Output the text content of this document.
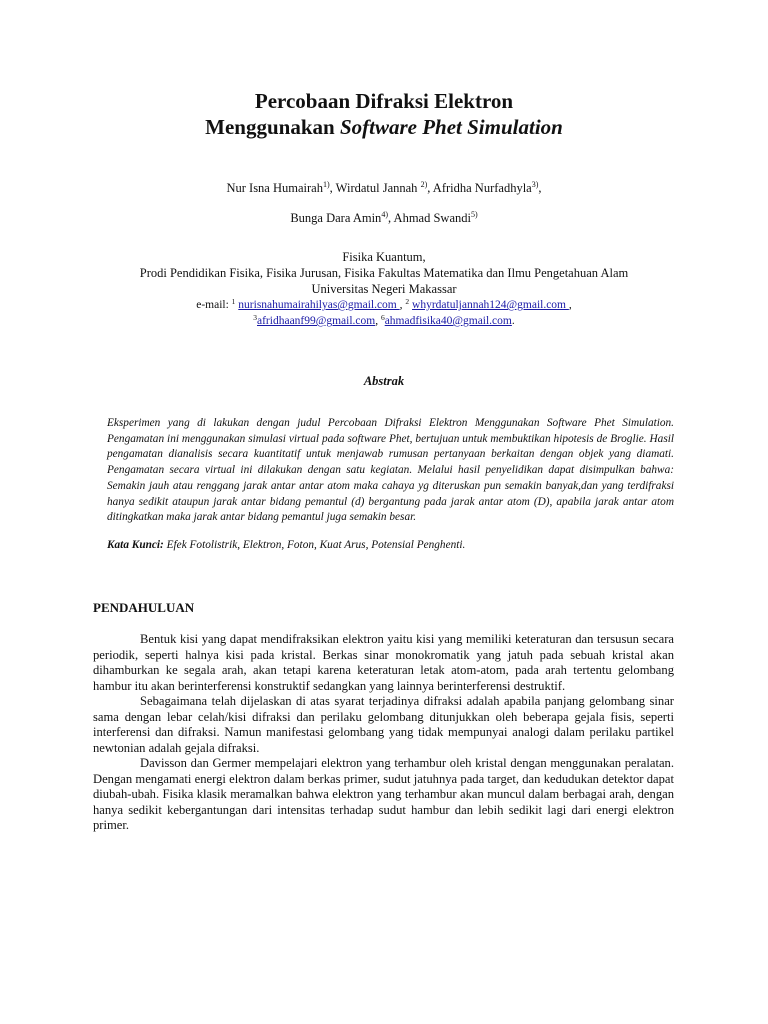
Percobaan Difraksi Elektron
Menggunakan Software Phet Simulation
Nur Isna Humairah$^{1)}$, Wirdatul Jannah $^{2)}$, Afridha Nurfadhyla$^{3)}$,
Bunga Dara Amin$^{4)}$, Ahmad Swandi$^{5)}$
Fisika Kuantum,
Prodi Pendidikan Fisika, Fisika Jurusan, Fisika Fakultas Matematika dan Ilmu Pengetahuan Alam
Universitas Negeri Makassar
e-mail: $^1$ nurisnahumairahilyas@gmail.com , $^2$ whyrdatuljannah124@gmail.com ,
$^3$afridhaanf99@gmail.com, $^6$ahmadfisika40@gmail.com.
Abstrak
Eksperimen yang di lakukan dengan judul Percobaan Difraksi Elektron Menggunakan Software Phet Simulation. Pengamatan ini menggunakan simulasi virtual pada software Phet, bertujuan untuk membuktikan hipotesis de Broglie. Hasil pengamatan dianalisis secara kuantitatif untuk menjawab rumusan pertanyaan berkaitan dengan objek yang diamati. Pengamatan secara virtual ini dilakukan dengan satu kegiatan. Melalui hasil penyelidikan dapat disimpulkan bahwa: Semakin jauh atau renggang jarak antar antar atom maka cahaya yg diteruskan pun semakin banyak,dan yang terdifraksi hanya sedikit ataupun jarak antar bidang pemantul (d) bergantung pada jarak antar atom (D), apabila jarak antar atom ditingkatkan maka jarak antar bidang pemantul juga semakin besar.
Kata Kunci: Efek Fotolistrik, Elektron, Foton, Kuat Arus, Potensial Penghenti.
PENDAHULUAN

Bentuk kisi yang dapat mendifraksikan elektron yaitu kisi yang memiliki keteraturan dan tersusun secara periodik, seperti halnya kisi pada kristal. Berkas sinar monokromatik yang jatuh pada sebuah kristal akan dihamburkan ke segala arah, akan tetapi karena keteraturan letak atom-atom, pada arah tertentu gelombang hambur itu akan berinterferensi konstruktif sedangkan yang lainnya berinterferensi destruktif.

Sebagaimana telah dijelaskan di atas syarat terjadinya difraksi adalah apabila panjang gelombang sinar sama dengan lebar celah/kisi difraksi dan perilaku gelombang ditunjukkan oleh beberapa gejala fisis, seperti interferensi dan difraksi. Namun manifestasi gelombang yang tidak mempunyai analogi dalam perilaku partikel newtonian adalah gejala difraksi.

Davisson dan Germer mempelajari elektron yang terhambur oleh kristal dengan menggunakan peralatan. Dengan mengamati energi elektron dalam berkas primer, sudut jatuhnya pada target, dan kedudukan detektor dapat diubah-ubah. Fisika klasik meramalkan bahwa elektron yang terhambur akan muncul dalam berbagai arah, dengan hanya sedikit kebergantungan dari intensitas terhadap sudut hambur dan lebih sedikit lagi dari energi elektron primer.
